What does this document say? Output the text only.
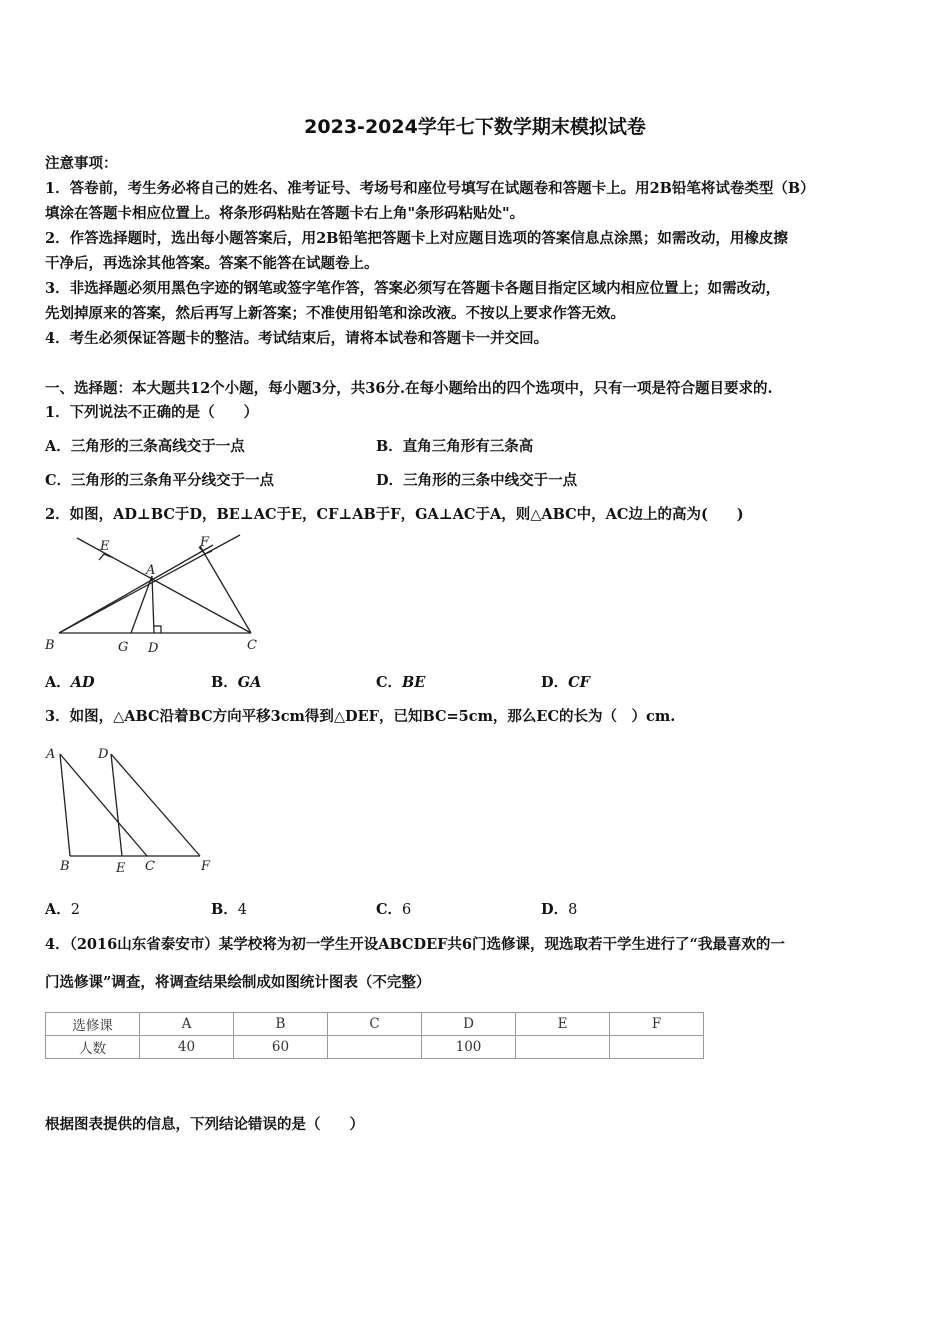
2023-2024学年七下数学期末模拟试卷
注意事项：
1．答卷前，考生务必将自己的姓名、准考证号、考场号和座位号填写在试题卷和答题卡上。用2B铅笔将试卷类型（B）
填涂在答题卡相应位置上。将条形码粘贴在答题卡右上角"条形码粘贴处"。
2．作答选择题时，选出每小题答案后，用2B铅笔把答题卡上对应题目选项的答案信息点涂黑；如需改动，用橡皮擦
干净后，再选涂其他答案。答案不能答在试题卷上。
3．非选择题必须用黑色字迹的钢笔或签字笔作答，答案必须写在答题卡各题目指定区域内相应位置上；如需改动，
先划掉原来的答案，然后再写上新答案；不准使用铅笔和涂改液。不按以上要求作答无效。
4．考生必须保证答题卡的整洁。考试结束后，请将本试卷和答题卡一并交回。
一、选择题：本大题共12个小题，每小题3分，共36分.在每小题给出的四个选项中，只有一项是符合题目要求的.
1．下列说法不正确的是（　　）
A．三角形的三条高线交于一点	B．直角三角形有三条高
C．三角形的三条角平分线交于一点	D．三角形的三条中线交于一点
2．如图，AD⊥BC于D，BE⊥AC于E，CF⊥AB于F，GA⊥AC于A，则△ABC中，AC边上的高为(　　)
E	F
A
B	G D	C
A．AD	B．GA	C．BE	D．CF
3．如图，△ABC沿着BC方向平移3cm得到△DEF，已知BC=5cm，那么EC的长为（　）cm.
A	D
B	E C	F
A．2	B．4	C．6	D．8
4．（2016山东省泰安市）某学校将为初一学生开设ABCDEF共6门选修课，现选取若干学生进行了“我最喜欢的一
门选修课”调查，将调查结果绘制成如图统计图表（不完整）
选修课	A	B	C	D	E	F
人数	40	60		100		
根据图表提供的信息，下列结论错误的是（　　）
